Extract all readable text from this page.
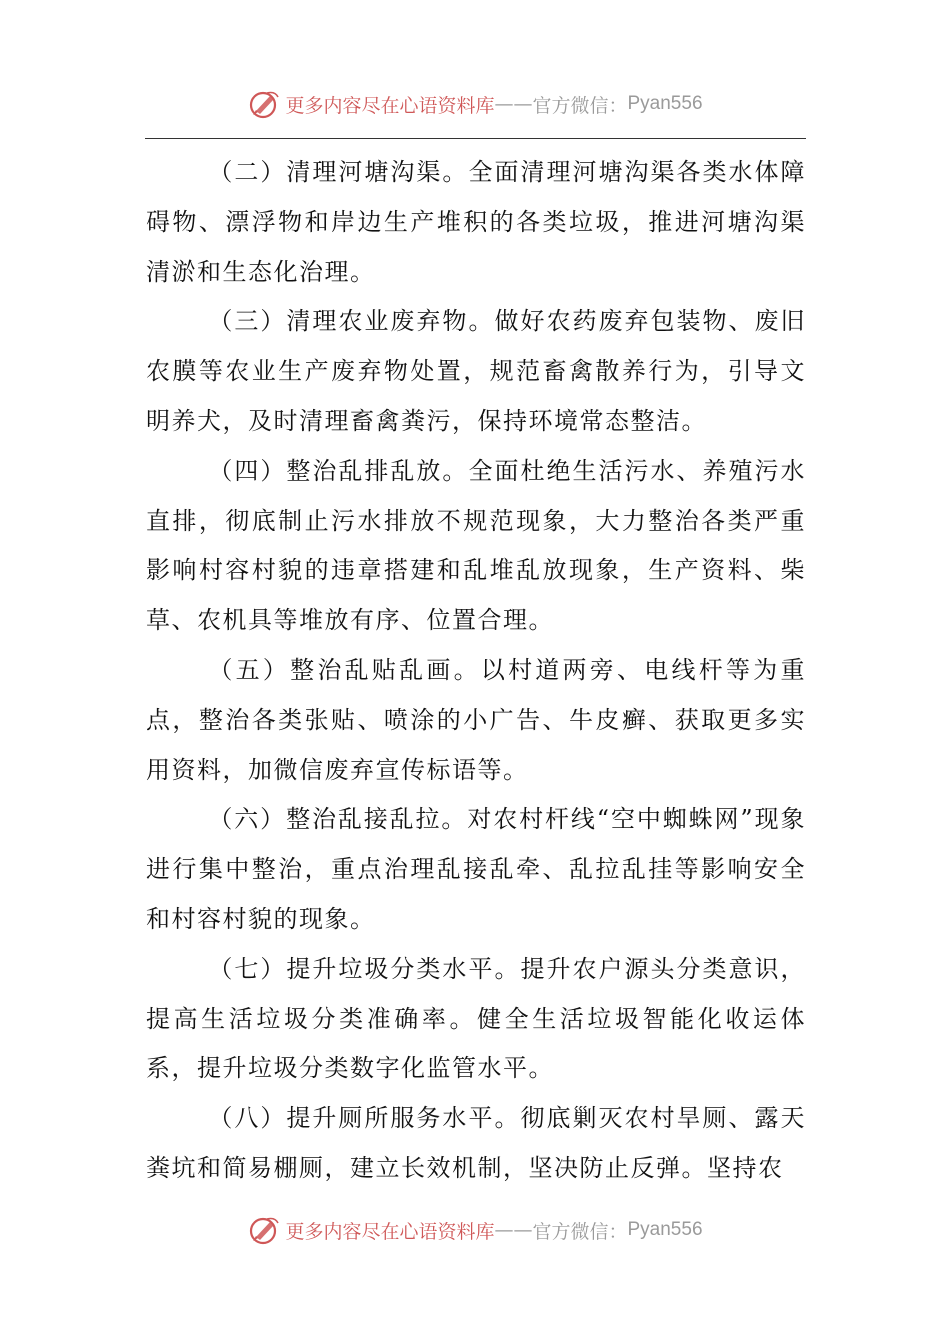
更多内容尽在心语资料库 —— 官方微信： Pyan556

（二）清理河塘沟渠。全面清理河塘沟渠各类水体障碍物、漂浮物和岸边生产堆积的各类垃圾，推进河塘沟渠清淤和生态化治理。

（三）清理农业废弃物。做好农药废弃包装物、废旧农膜等农业生产废弃物处置，规范畜禽散养行为，引导文明养犬，及时清理畜禽粪污，保持环境常态整洁。

（四）整治乱排乱放。全面杜绝生活污水、养殖污水直排，彻底制止污水排放不规范现象，大力整治各类严重影响村容村貌的违章搭建和乱堆乱放现象，生产资料、柴草、农机具等堆放有序、位置合理。

（五）整治乱贴乱画。以村道两旁、电线杆等为重点，整治各类张贴、喷涂的小广告、牛皮癣、获取更多实用资料，加微信废弃宣传标语等。

（六）整治乱接乱拉。对农村杆线“空中蜘蛛网”现象进行集中整治，重点治理乱接乱牵、乱拉乱挂等影响安全和村容村貌的现象。

（七）提升垃圾分类水平。提升农户源头分类意识，提高生活垃圾分类准确率。健全生活垃圾智能化收运体系，提升垃圾分类数字化监管水平。

（八）提升厕所服务水平。彻底剿灭农村旱厕、露天粪坑和简易棚厕，建立长效机制，坚决防止反弹。坚持农

更多内容尽在心语资料库 —— 官方微信： Pyan556
